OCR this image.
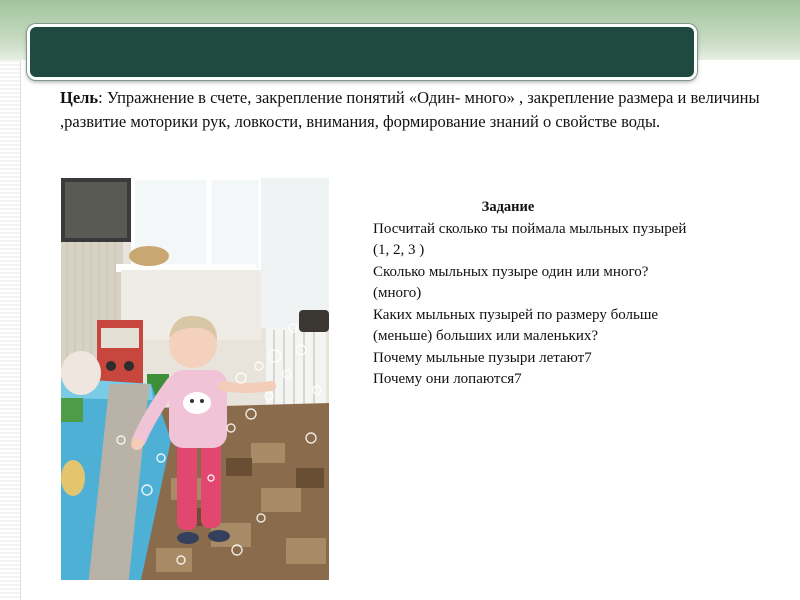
Цель: Упражнение в счете, закрепление понятий «Один- много» , закрепление размера и величины ,развитие моторики рук, ловкости, внимания, формирование знаний о свойстве воды.
Задание
Посчитай сколько ты поймала мыльных пузырей
(1, 2, 3 )
Сколько мыльных пузыре один или много?
(много)
Каких мыльных пузырей по размеру больше
(меньше) больших или маленьких?
Почему мыльные пузыри летают7
Почему они лопаются7
